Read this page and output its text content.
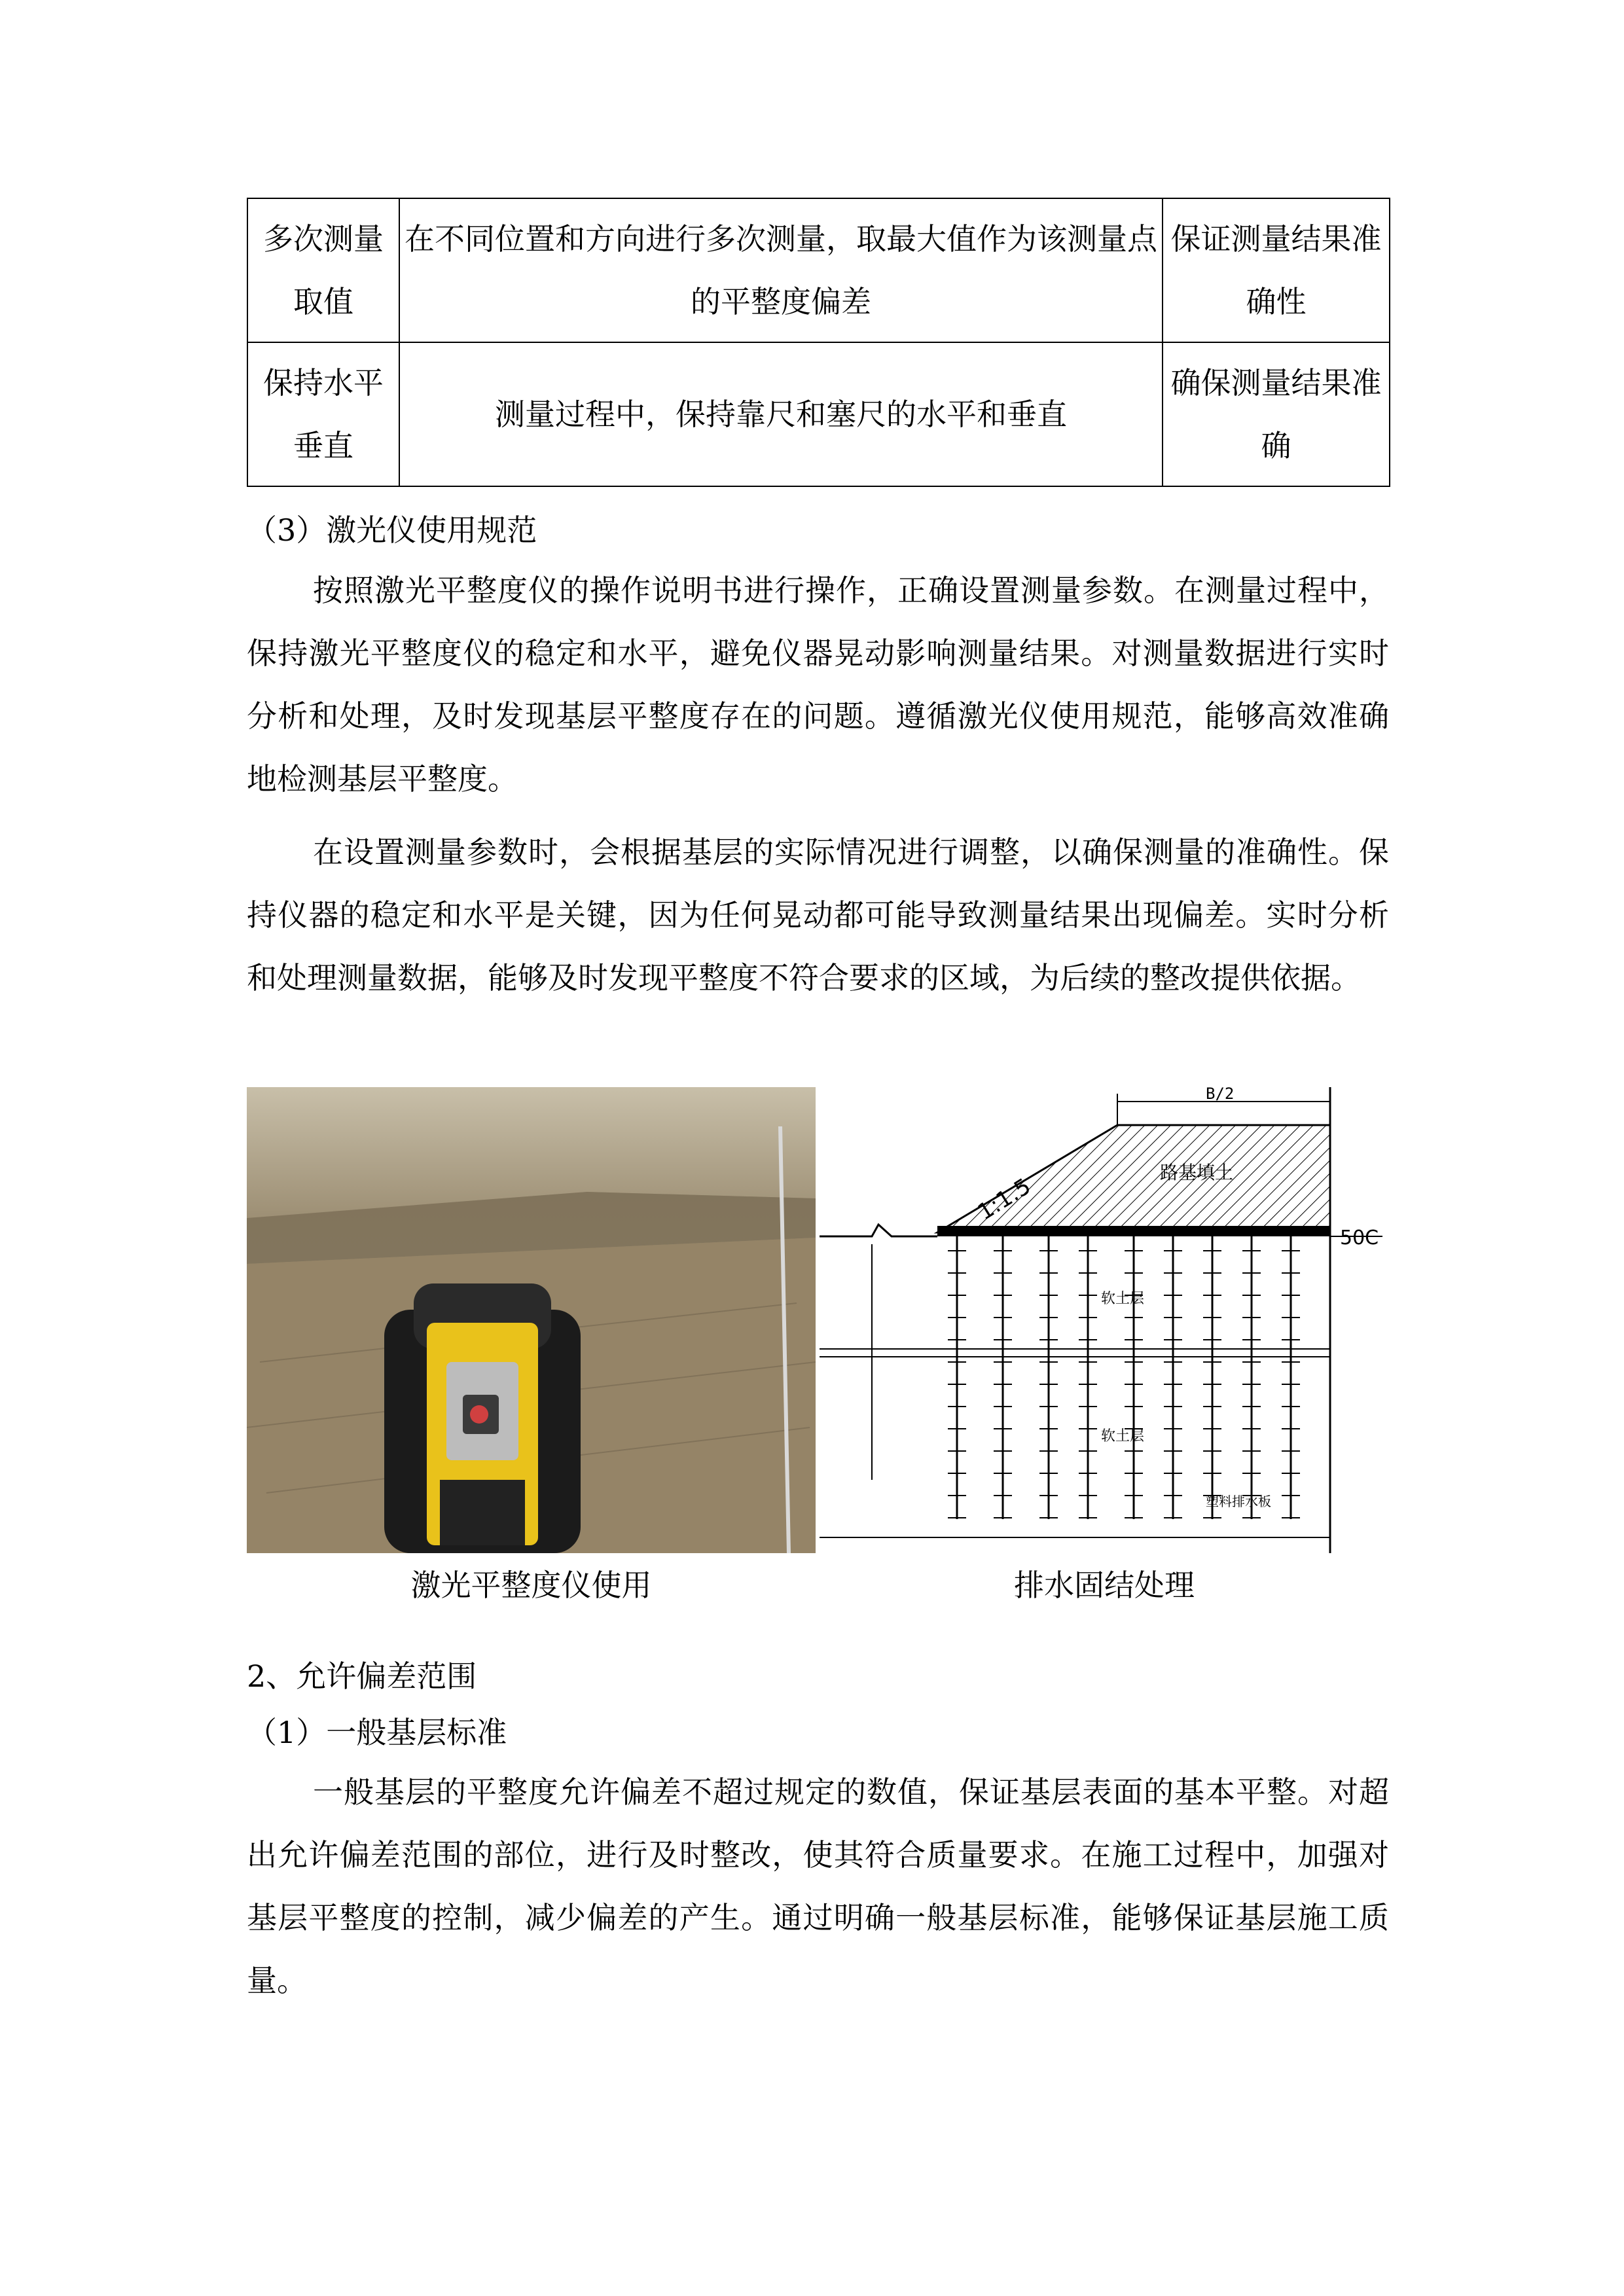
多次测量取值	在不同位置和方向进行多次测量，取最大值作为该测量点的平整度偏差	保证测量结果准确性
保持水平垂直	测量过程中，保持靠尺和塞尺的水平和垂直	确保测量结果准确
（3）激光仪使用规范
按照激光平整度仪的操作说明书进行操作，正确设置测量参数。在测量过程中，保持激光平整度仪的稳定和水平，避免仪器晃动影响测量结果。对测量数据进行实时分析和处理，及时发现基层平整度存在的问题。遵循激光仪使用规范，能够高效准确地检测基层平整度。
在设置测量参数时，会根据基层的实际情况进行调整，以确保测量的准确性。保持仪器的稳定和水平是关键，因为任何晃动都可能导致测量结果出现偏差。实时分析和处理测量数据，能够及时发现平整度不符合要求的区域，为后续的整改提供依据。
B/2
1:1.5
路基填土
50C
软土层
软土层
塑料排水板
激光平整度仪使用	排水固结处理
2、允许偏差范围
（1）一般基层标准
一般基层的平整度允许偏差不超过规定的数值，保证基层表面的基本平整。对超出允许偏差范围的部位，进行及时整改，使其符合质量要求。在施工过程中，加强对基层平整度的控制，减少偏差的产生。通过明确一般基层标准，能够保证基层施工质量。
